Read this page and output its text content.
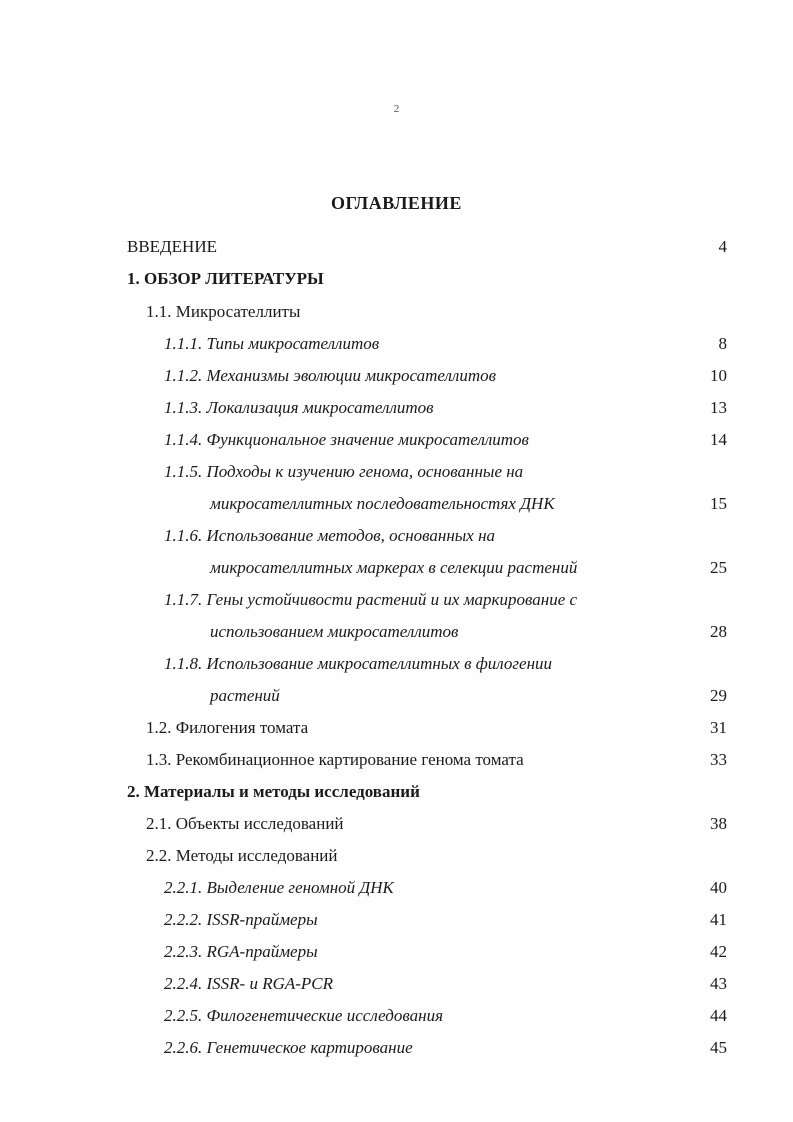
2
ОГЛАВЛЕНИЕ
ВВЕДЕНИЕ	4
1. ОБЗОР ЛИТЕРАТУРЫ
1.1. Микросателлиты
1.1.1. Типы микросателлитов	8
1.1.2. Механизмы эволюции микросателлитов	10
1.1.3. Локализация микросателлитов	13
1.1.4. Функциональное значение микросателлитов	14
1.1.5. Подходы к изучению генома, основанные на
микросателлитных последовательностях ДНК	15
1.1.6. Использование методов, основанных на
микросателлитных маркерах в селекции растений	25
1.1.7. Гены устойчивости растений и их маркирование с
использованием микросателлитов	28
1.1.8. Использование микросателлитных в филогении
растений	29
1.2. Филогения томата	31
1.3. Рекомбинационное картирование генома томата	33
2. Материалы и методы исследований
2.1. Объекты исследований	38
2.2. Методы исследований
2.2.1. Выделение геномной ДНК	40
2.2.2. ISSR-праймеры	41
2.2.3. RGA-праймеры	42
2.2.4. ISSR- и RGA-PCR	43
2.2.5. Филогенетические исследования	44
2.2.6. Генетическое картирование	45
